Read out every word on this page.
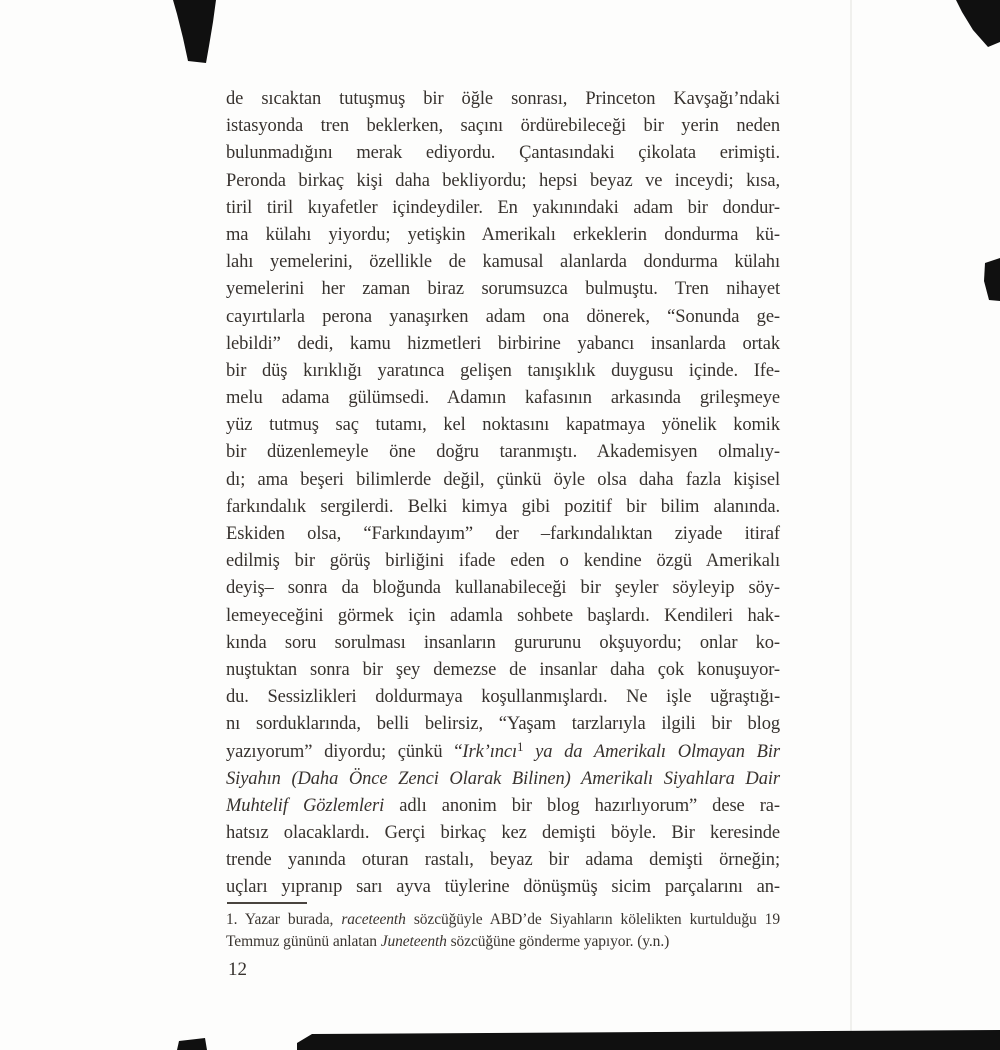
de sıcaktan tutuşmuş bir öğle sonrası, Princeton Kavşağı’ndaki
istasyonda tren beklerken, saçını ördürebileceği bir yerin neden
bulunmadığını merak ediyordu. Çantasındaki çikolata erimişti.
Peronda birkaç kişi daha bekliyordu; hepsi beyaz ve inceydi; kısa,
tiril tiril kıyafetler içindeydiler. En yakınındaki adam bir dondur-
ma külahı yiyordu; yetişkin Amerikalı erkeklerin dondurma kü-
lahı yemelerini, özellikle de kamusal alanlarda dondurma külahı
yemelerini her zaman biraz sorumsuzca bulmuştu. Tren nihayet
cayırtılarla perona yanaşırken adam ona dönerek, “Sonunda ge-
lebildi” dedi, kamu hizmetleri birbirine yabancı insanlarda ortak
bir düş kırıklığı yaratınca gelişen tanışıklık duygusu içinde. Ife-
melu adama gülümsedi. Adamın kafasının arkasında grileşmeye
yüz tutmuş saç tutamı, kel noktasını kapatmaya yönelik komik
bir düzenlemeyle öne doğru taranmıştı. Akademisyen olmalıy-
dı; ama beşeri bilimlerde değil, çünkü öyle olsa daha fazla kişisel
farkındalık sergilerdi. Belki kimya gibi pozitif bir bilim alanında.
Eskiden olsa, “Farkındayım” der –farkındalıktan ziyade itiraf
edilmiş bir görüş birliğini ifade eden o kendine özgü Amerikalı
deyiş– sonra da bloğunda kullanabileceği bir şeyler söyleyip söy-
lemeyeceğini görmek için adamla sohbete başlardı. Kendileri hak-
kında soru sorulması insanların gururunu okşuyordu; onlar ko-
nuştuktan sonra bir şey demezse de insanlar daha çok konuşuyor-
du. Sessizlikleri doldurmaya koşullanmışlardı. Ne işle uğraştığı-
nı sorduklarında, belli belirsiz, “Yaşam tarzlarıyla ilgili bir blog
yazıyorum” diyordu; çünkü “Irk’ıncı$^1$ ya da Amerikalı Olmayan Bir
Siyahın (Daha Önce Zenci Olarak Bilinen) Amerikalı Siyahlara Dair
Muhtelif Gözlemleri adlı anonim bir blog hazırlıyorum” dese ra-
hatsız olacaklardı. Gerçi birkaç kez demişti böyle. Bir keresinde
trende yanında oturan rastalı, beyaz bir adama demişti örneğin;
uçları yıpranıp sarı ayva tüylerine dönüşmüş sicim parçalarını an-
1. Yazar burada, raceteenth sözcüğüyle ABD’de Siyahların kölelikten kurtulduğu 19
Temmuz gününü anlatan Juneteenth sözcüğüne gönderme yapıyor. (y.n.)
12
